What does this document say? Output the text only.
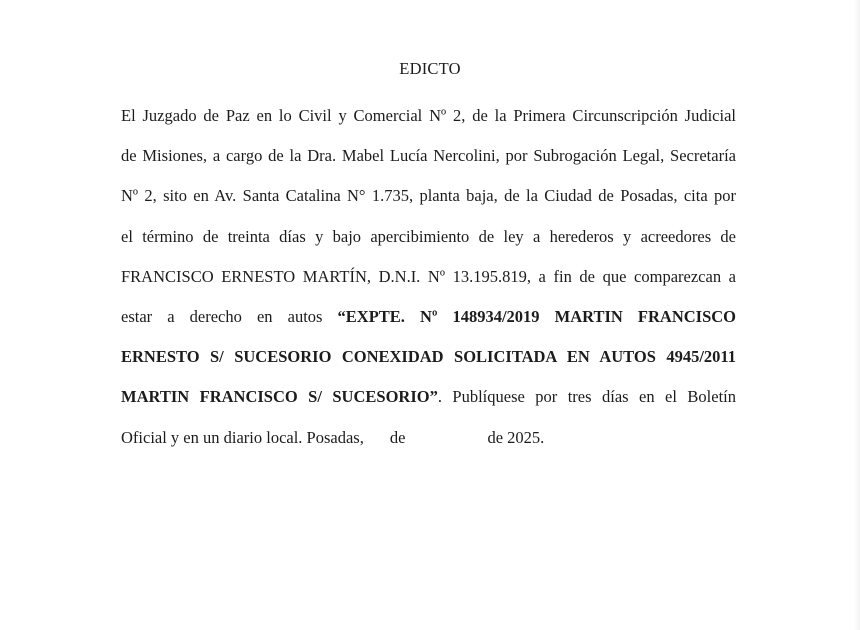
EDICTO
El Juzgado de Paz en lo Civil y Comercial Nº 2, de la Primera Circunscripción Judicial
de Misiones, a cargo de la Dra. Mabel Lucía Nercolini, por Subrogación Legal, Secretaría
Nº 2, sito en Av. Santa Catalina N° 1.735, planta baja, de la Ciudad de Posadas, cita por
el término de treinta días y bajo apercibimiento de ley a herederos y acreedores de
FRANCISCO ERNESTO MARTÍN, D.N.I. Nº 13.195.819, a fin de que comparezcan a
estar a derecho en autos “EXPTE. Nº 148934/2019 MARTIN FRANCISCO
ERNESTO S/ SUCESORIO CONEXIDAD SOLICITADA EN AUTOS 4945/2011
MARTIN FRANCISCO S/ SUCESORIO”. Publíquese por tres días en el Boletín
Oficial y en un diario local. Posadas, de	de 2025.
